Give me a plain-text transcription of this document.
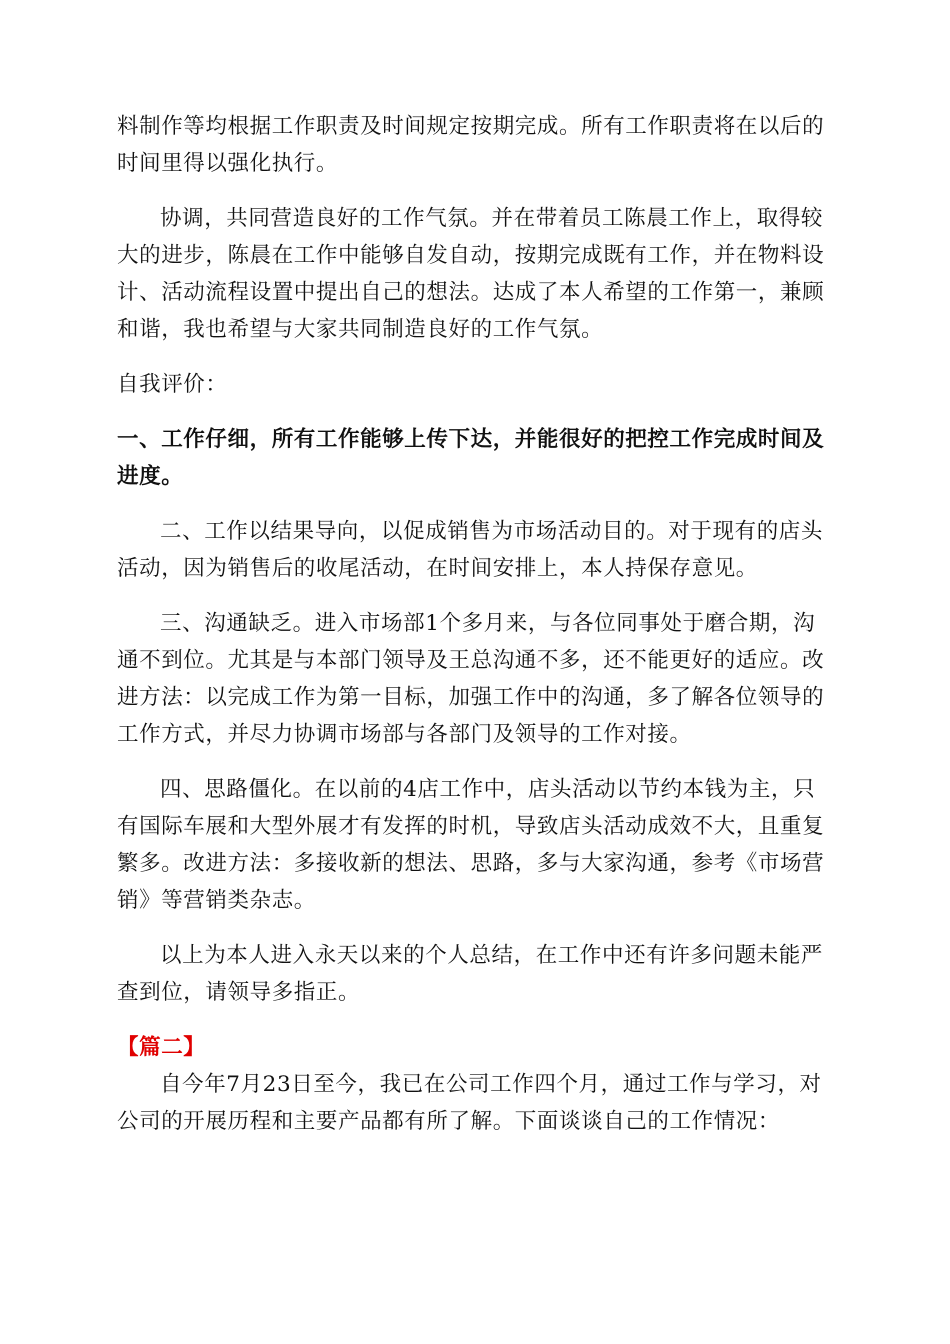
料制作等均根据工作职责及时间规定按期完成。所有工作职责将在以后的时间里得以强化执行。

协调，共同营造良好的工作气氛。并在带着员工陈晨工作上，取得较大的进步，陈晨在工作中能够自发自动，按期完成既有工作，并在物料设计、活动流程设置中提出自己的想法。达成了本人希望的工作第一，兼顾和谐，我也希望与大家共同制造良好的工作气氛。

自我评价：

一、工作仔细，所有工作能够上传下达，并能很好的把控工作完成时间及进度。

二、工作以结果导向，以促成销售为市场活动目的。对于现有的店头活动，因为销售后的收尾活动，在时间安排上，本人持保存意见。

三、沟通缺乏。进入市场部1个多月来，与各位同事处于磨合期，沟通不到位。尤其是与本部门领导及王总沟通不多，还不能更好的适应。改进方法：以完成工作为第一目标，加强工作中的沟通，多了解各位领导的工作方式，并尽力协调市场部与各部门及领导的工作对接。

四、思路僵化。在以前的4店工作中，店头活动以节约本钱为主，只有国际车展和大型外展才有发挥的时机，导致店头活动成效不大，且重复繁多。改进方法：多接收新的想法、思路，多与大家沟通，参考《市场营销》等营销类杂志。

以上为本人进入永天以来的个人总结，在工作中还有许多问题未能严查到位，请领导多指正。

【篇二】

自今年7月23日至今，我已在公司工作四个月，通过工作与学习，对公司的开展历程和主要产品都有所了解。下面谈谈自己的工作情况：
